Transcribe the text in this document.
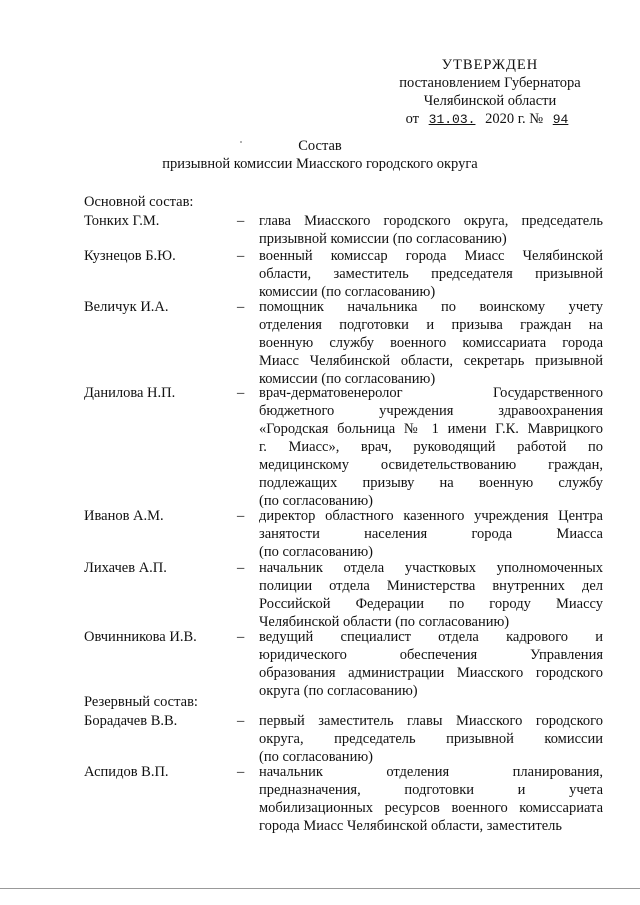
УТВЕРЖДЕН
постановлением Губернатора
Челябинской области
от 31.03. 2020 г. № 94
Состав
призывной комиссии Миасского городского округа
Основной состав:
Тонких Г.М.	– глава Миасского городского округа, председатель
призывной комиссии (по согласованию)
Кузнецов Б.Ю.	– военный комиссар города Миасс Челябинской
области, заместитель председателя призывной
комиссии (по согласованию)
Величук И.А.	– помощник начальника по воинскому учету
отделения подготовки и призыва граждан на
военную службу военного комиссариата города
Миасс Челябинской области, секретарь призывной
комиссии (по согласованию)
Данилова Н.П.	– врач-дерматовенеролог Государственного
бюджетного учреждения здравоохранения
«Городская больница № 1 имени Г.К. Маврицкого
г. Миасс», врач, руководящий работой по
медицинскому освидетельствованию граждан,
подлежащих призыву на военную службу
(по согласованию)
Иванов А.М.	– директор областного казенного учреждения Центра
занятости населения города Миасса
(по согласованию)
Лихачев А.П.	– начальник отдела участковых уполномоченных
полиции отдела Министерства внутренних дел
Российской Федерации по городу Миассу
Челябинской области (по согласованию)
Овчинникова И.В.	– ведущий специалист отдела кадрового и
юридического обеспечения Управления
образования администрации Миасского городского
округа (по согласованию)
Резервный состав:
Борадачев В.В.	– первый заместитель главы Миасского городского
округа, председатель призывной комиссии
(по согласованию)
Аспидов В.П.	– начальник отделения планирования,
предназначения, подготовки и учета
мобилизационных ресурсов военного комиссариата
города Миасс Челябинской области, заместитель
